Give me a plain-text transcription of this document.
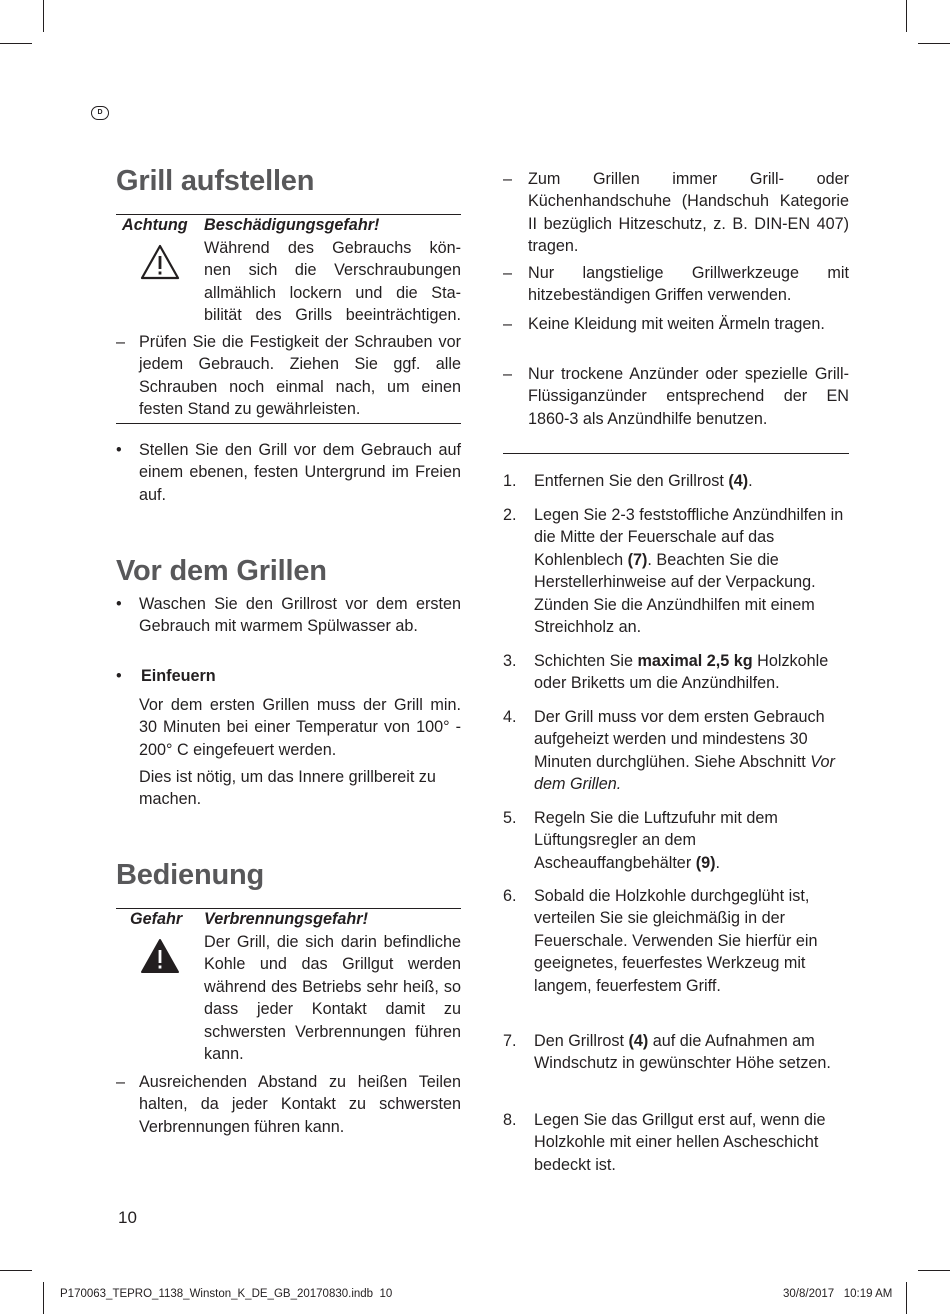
D
Grill aufstellen
Achtung Beschädigungsgefahr!
Während des Gebrauchs kön-
nen sich die Verschraubungen
allmählich lockern und die Sta-
bilität des Grills beeinträchtigen.
– Prüfen Sie die Festigkeit der Schrauben vor jedem Gebrauch. Ziehen Sie ggf. alle Schrauben noch einmal nach, um einen festen Stand zu gewährleisten.
• Stellen Sie den Grill vor dem Gebrauch auf einem ebenen, festen Untergrund im Freien auf.
Vor dem Grillen
• Waschen Sie den Grillrost vor dem ersten Gebrauch mit warmem Spülwasser ab.
• Einfeuern
Vor dem ersten Grillen muss der Grill min. 30 Minuten bei einer Temperatur von 100° - 200° C eingefeuert werden.
Dies ist nötig, um das Innere grillbereit zu machen.
Bedienung
Gefahr Verbrennungsgefahr!
Der Grill, die sich darin befindliche Kohle und das Grillgut werden während des Betriebs sehr heiß, so dass jeder Kontakt damit zu schwersten Verbrennungen führen kann.
– Ausreichenden Abstand zu heißen Teilen halten, da jeder Kontakt zu schwersten Verbrennungen führen kann.
– Zum Grillen immer Grill- oder Küchenhandschuhe (Handschuh Kategorie II bezüglich Hitzeschutz, z. B. DIN-EN 407) tragen.
– Nur langstielige Grillwerkzeuge mit hitzebeständigen Griffen verwenden.
– Keine Kleidung mit weiten Ärmeln tragen.
– Nur trockene Anzünder oder spezielle Grill-Flüssiganzünder entsprechend der EN 1860-3 als Anzündhilfe benutzen.
1. Entfernen Sie den Grillrost (4).
2. Legen Sie 2-3 feststoffliche Anzündhilfen in die Mitte der Feuerschale auf das Kohlenblech (7). Beachten Sie die Herstellerhinweise auf der Verpackung. Zünden Sie die Anzündhilfen mit einem Streichholz an.
3. Schichten Sie maximal 2,5 kg Holzkohle oder Briketts um die Anzündhilfen.
4. Der Grill muss vor dem ersten Gebrauch aufgeheizt werden und mindestens 30 Minuten durchglühen. Siehe Abschnitt Vor dem Grillen.
5. Regeln Sie die Luftzufuhr mit dem Lüftungsregler an dem Ascheauffangbehälter (9).
6. Sobald die Holzkohle durchgeglüht ist, verteilen Sie sie gleichmäßig in der Feuerschale. Verwenden Sie hierfür ein geeignetes, feuerfestes Werkzeug mit langem, feuerfestem Griff.
7. Den Grillrost (4) auf die Aufnahmen am Windschutz in gewünschter Höhe setzen.
8. Legen Sie das Grillgut erst auf, wenn die Holzkohle mit einer hellen Ascheschicht bedeckt ist.
10
P170063_TEPRO_1138_Winston_K_DE_GB_20170830.indb 10	30/8/2017 10:19 AM
